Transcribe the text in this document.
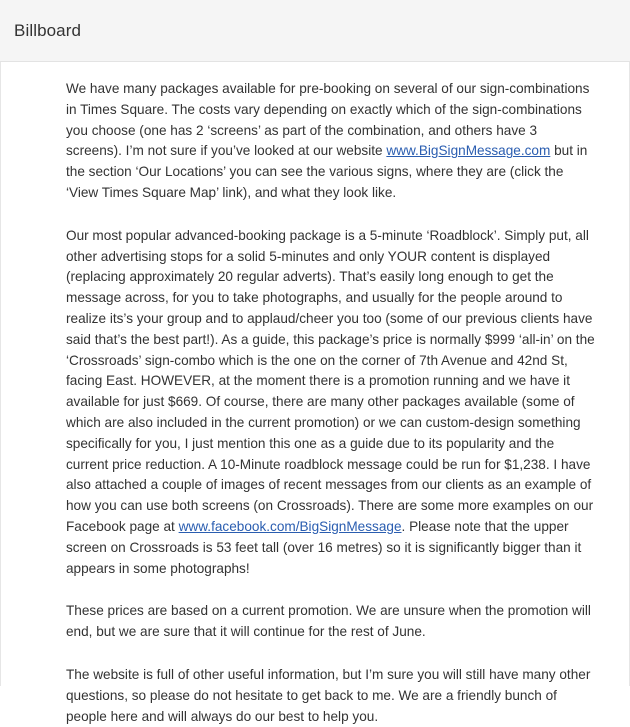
Billboard

We have many packages available for pre-booking on several of our sign-combinations in Times Square. The costs vary depending on exactly which of the sign-combinations you choose (one has 2 ‘screens’ as part of the combination, and others have 3 screens). I’m not sure if you’ve looked at our website www.BigSignMessage.com but in the section ‘Our Locations’ you can see the various signs, where they are (click the ‘View Times Square Map’ link), and what they look like.

Our most popular advanced-booking package is a 5-minute ‘Roadblock’. Simply put, all other advertising stops for a solid 5-minutes and only YOUR content is displayed (replacing approximately 20 regular adverts). That’s easily long enough to get the message across, for you to take photographs, and usually for the people around to realize its’s your group and to applaud/cheer you too (some of our previous clients have said that’s the best part!). As a guide, this package’s price is normally $999 ‘all-in’ on the ‘Crossroads’ sign-combo which is the one on the corner of 7th Avenue and 42nd St, facing East. HOWEVER, at the moment there is a promotion running and we have it available for just $669. Of course, there are many other packages available (some of which are also included in the current promotion) or we can custom-design something specifically for you, I just mention this one as a guide due to its popularity and the current price reduction. A 10-Minute roadblock message could be run for $1,238. I have also attached a couple of images of recent messages from our clients as an example of how you can use both screens (on Crossroads). There are some more examples on our Facebook page at www.facebook.com/BigSignMessage. Please note that the upper screen on Crossroads is 53 feet tall (over 16 metres) so it is significantly bigger than it appears in some photographs!

These prices are based on a current promotion. We are unsure when the promotion will end, but we are sure that it will continue for the rest of June.

The website is full of other useful information, but I’m sure you will still have many other questions, so please do not hesitate to get back to me. We are a friendly bunch of people here and will always do our best to help you.
